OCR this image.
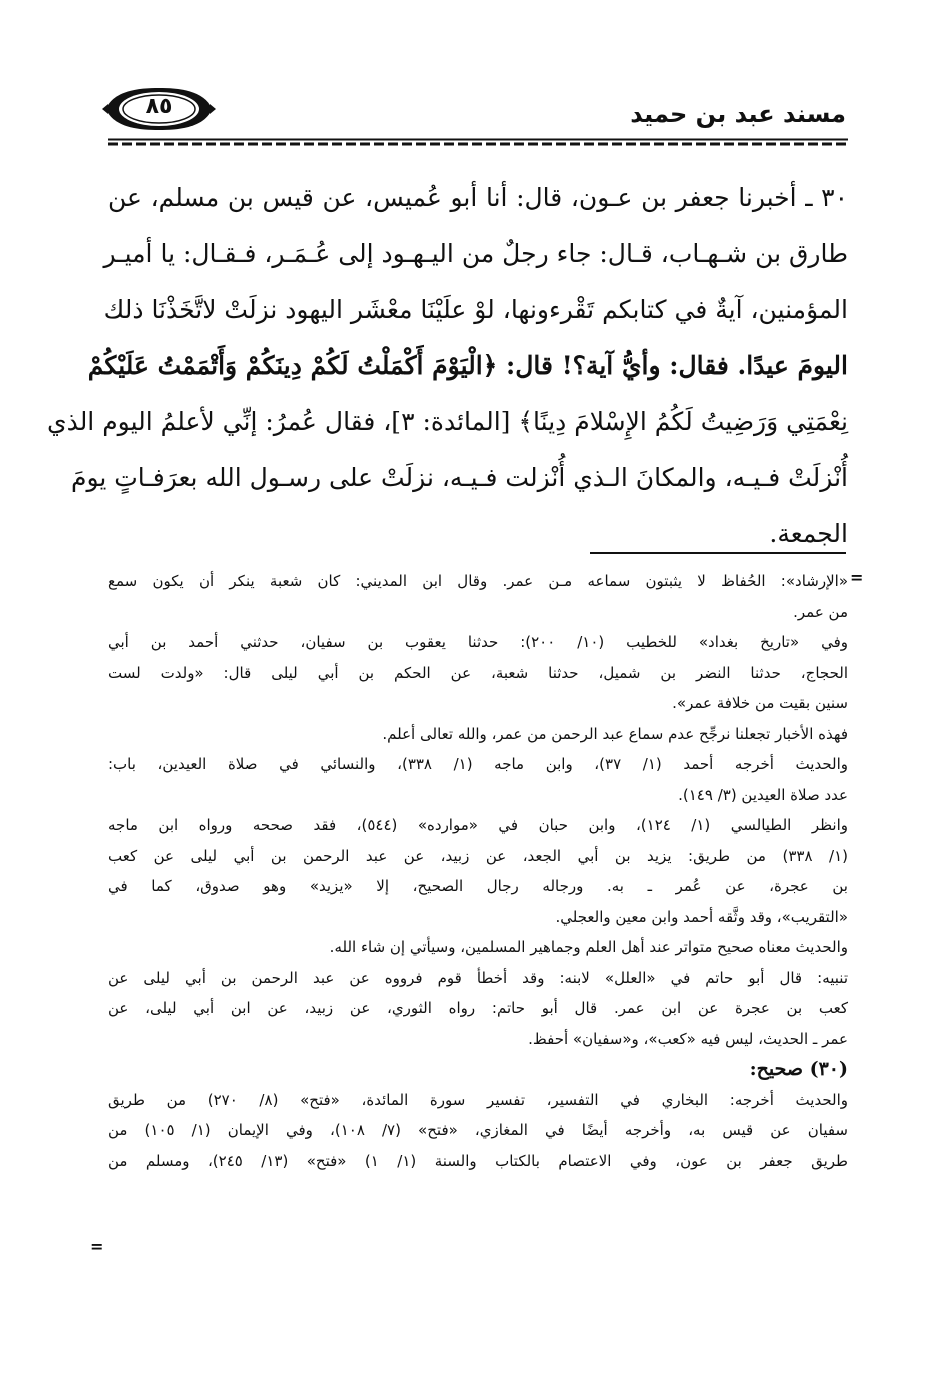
٨٥	مسند عبد بن حميد
٣٠ ـ أخبرنا جعفر بن عـون، قال: أنا أبو عُميس، عن قيس بن مسلم، عن
طارق بن شـهـاب، قـال: جاء رجلٌ من اليـهـود إلى عُـمَـر، فـقـال: يا أميـر
المؤمنين، آيةٌ في كتابكم تَقْرءونها، لوْ علَيْنَا معْشَر اليهود نزلَتْ لاتَّخَذْنَا ذلك
اليومَ عيدًا. فقال: وأيُّ آية؟! قال: ﴿الْيَوْمَ أَكْمَلْتُ لَكُمْ دِينَكُمْ وَأَتْمَمْتُ عَلَيْكُمْ
نِعْمَتِي وَرَضِيتُ لَكُمُ الإِسْلامَ دِينًا﴾ [المائدة: ٣]، فقال عُمرُ: إنِّي لأعلمُ اليوم الذي
أُنْزلَتْ فـيـه، والمكانَ الـذي أُنْزلت فـيـه، نزلَتْ على رسـول الله بعرَفـاتٍ يومَ
الجمعة.
=
«الإرشاد»: الحُفاظ لا يثبتون سماعه مـن عمر. وقال ابن المديني: كان شعبة ينكر أن يكون سمع
من عمر.
وفي «تاريخ بغداد» للخطيب (١٠/ ٢٠٠): حدثنا يعقوب بن سفيان، حدثني أحمد بن أبي
الحجاج، حدثنا النضر بن شميل، حدثنا شعبة، عن الحكم بن أبي ليلى قال: «ولدت لست
سنين بقيت من خلافة عمر».
فهذه الأخبار تجعلنا نرجِّح عدم سماع عبد الرحمن من عمر، والله تعالى أعلم.
والحديث أخرجه أحمد (١/ ٣٧)، وابن ماجه (١/ ٣٣٨)، والنسائي في صلاة العيدين، باب:
عدد صلاة العيدين (٣/ ١٤٩).
وانظر الطيالسي (١/ ١٢٤)، وابن حبان في «موارده» (٥٤٤)، فقد صححه ورواه ابن ماجه
(١/ ٣٣٨) من طريق: يزيد بن أبي الجعد، عن زبيد، عن عبد الرحمن بن أبي ليلى عن كعب
بن عجرة، عن عُمر ـ به. ورجاله رجال الصحيح، إلا «يزيد» وهو صدوق، كما في
«التقريب»، وقد وثَّقه أحمد وابن معين والعجلي.
والحديث معناه صحيح متواتر عند أهل العلم وجماهير المسلمين، وسيأتي إن شاء الله.
تنبيه: قال أبو حاتم في «العلل» لابنه: وقد أخطأ قوم فرووه عن عبد الرحمن بن أبي ليلى عن
كعب بن عجرة عن ابن عمر. قال أبو حاتم: رواه الثوري، عن زبيد، عن ابن أبي ليلى، عن
عمر ـ الحديث، ليس فيه «كعب»، و«سفيان» أحفظ.
(٣٠) صحيح:
والحديث أخرجه: البخاري في التفسير، تفسير سورة المائدة، «فتح» (٨/ ٢٧٠) من طريق
سفيان عن قيس به، وأخرجه أيضًا في المغازي، «فتح» (٧/ ١٠٨)، وفي الإيمان (١/ ١٠٥) من
طريق جعفر بن عون، وفي الاعتصام بالكتاب والسنة (١/ ١) «فتح» (١٣/ ٢٤٥)، ومسلم من
=
